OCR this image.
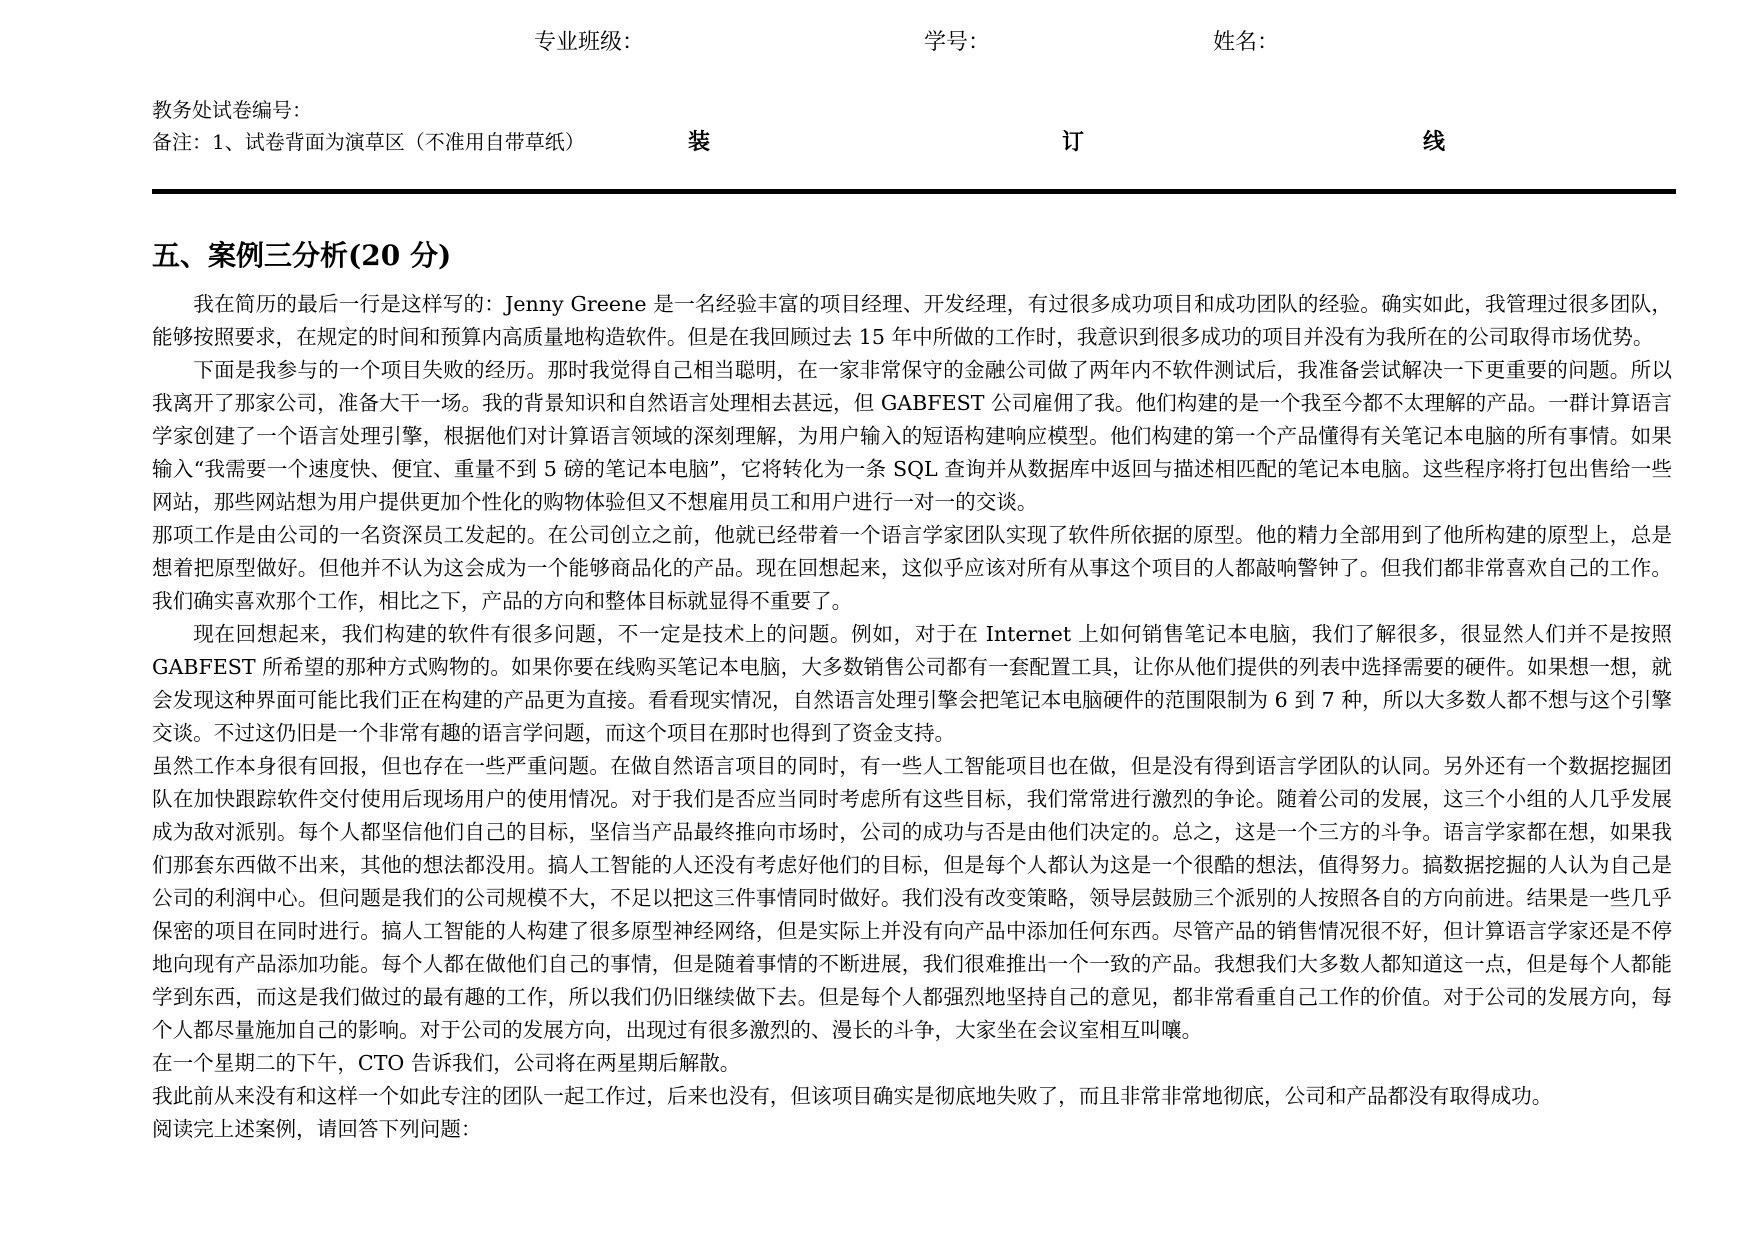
专业班级：	学号：	姓名：
教务处试卷编号：
备注：1、试卷背面为演草区（不准用自带草纸）	装	订	线
五、案例三分析(20 分)

我在简历的最后一行是这样写的：Jenny Greene 是一名经验丰富的项目经理、开发经理，有过很多成功项目和成功团队的经验。确实如此，我管理过很多团队，能够按照要求，在规定的时间和预算内高质量地构造软件。但是在我回顾过去 15 年中所做的工作时，我意识到很多成功的项目并没有为我所在的公司取得市场优势。

下面是我参与的一个项目失败的经历。那时我觉得自己相当聪明，在一家非常保守的金融公司做了两年内不软件测试后，我准备尝试解决一下更重要的问题。所以我离开了那家公司，准备大干一场。我的背景知识和自然语言处理相去甚远，但 GABFEST 公司雇佣了我。他们构建的是一个我至今都不太理解的产品。一群计算语言学家创建了一个语言处理引擎，根据他们对计算语言领域的深刻理解，为用户输入的短语构建响应模型。他们构建的第一个产品懂得有关笔记本电脑的所有事情。如果输入“我需要一个速度快、便宜、重量不到 5 磅的笔记本电脑”，它将转化为一条 SQL 查询并从数据库中返回与描述相匹配的笔记本电脑。这些程序将打包出售给一些网站，那些网站想为用户提供更加个性化的购物体验但又不想雇用员工和用户进行一对一的交谈。

那项工作是由公司的一名资深员工发起的。在公司创立之前，他就已经带着一个语言学家团队实现了软件所依据的原型。他的精力全部用到了他所构建的原型上，总是想着把原型做好。但他并不认为这会成为一个能够商品化的产品。现在回想起来，这似乎应该对所有从事这个项目的人都敲响警钟了。但我们都非常喜欢自己的工作。我们确实喜欢那个工作，相比之下，产品的方向和整体目标就显得不重要了。

现在回想起来，我们构建的软件有很多问题，不一定是技术上的问题。例如，对于在 Internet 上如何销售笔记本电脑，我们了解很多，很显然人们并不是按照 GABFEST 所希望的那种方式购物的。如果你要在线购买笔记本电脑，大多数销售公司都有一套配置工具，让你从他们提供的列表中选择需要的硬件。如果想一想，就会发现这种界面可能比我们正在构建的产品更为直接。看看现实情况，自然语言处理引擎会把笔记本电脑硬件的范围限制为 6 到 7 种，所以大多数人都不想与这个引擎交谈。不过这仍旧是一个非常有趣的语言学问题，而这个项目在那时也得到了资金支持。

虽然工作本身很有回报，但也存在一些严重问题。在做自然语言项目的同时，有一些人工智能项目也在做，但是没有得到语言学团队的认同。另外还有一个数据挖掘团队在加快跟踪软件交付使用后现场用户的使用情况。对于我们是否应当同时考虑所有这些目标，我们常常进行激烈的争论。随着公司的发展，这三个小组的人几乎发展成为敌对派别。每个人都坚信他们自己的目标，坚信当产品最终推向市场时，公司的成功与否是由他们决定的。总之，这是一个三方的斗争。语言学家都在想，如果我们那套东西做不出来，其他的想法都没用。搞人工智能的人还没有考虑好他们的目标，但是每个人都认为这是一个很酷的想法，值得努力。搞数据挖掘的人认为自己是公司的利润中心。但问题是我们的公司规模不大，不足以把这三件事情同时做好。我们没有改变策略，领导层鼓励三个派别的人按照各自的方向前进。结果是一些几乎保密的项目在同时进行。搞人工智能的人构建了很多原型神经网络，但是实际上并没有向产品中添加任何东西。尽管产品的销售情况很不好，但计算语言学家还是不停地向现有产品添加功能。每个人都在做他们自己的事情，但是随着事情的不断进展，我们很难推出一个一致的产品。我想我们大多数人都知道这一点，但是每个人都能学到东西，而这是我们做过的最有趣的工作，所以我们仍旧继续做下去。但是每个人都强烈地坚持自己的意见，都非常看重自己工作的价值。对于公司的发展方向，每个人都尽量施加自己的影响。对于公司的发展方向，出现过有很多激烈的、漫长的斗争，大家坐在会议室相互叫嚷。

在一个星期二的下午，CTO 告诉我们，公司将在两星期后解散。

我此前从来没有和这样一个如此专注的团队一起工作过，后来也没有，但该项目确实是彻底地失败了，而且非常非常地彻底，公司和产品都没有取得成功。

阅读完上述案例，请回答下列问题：
